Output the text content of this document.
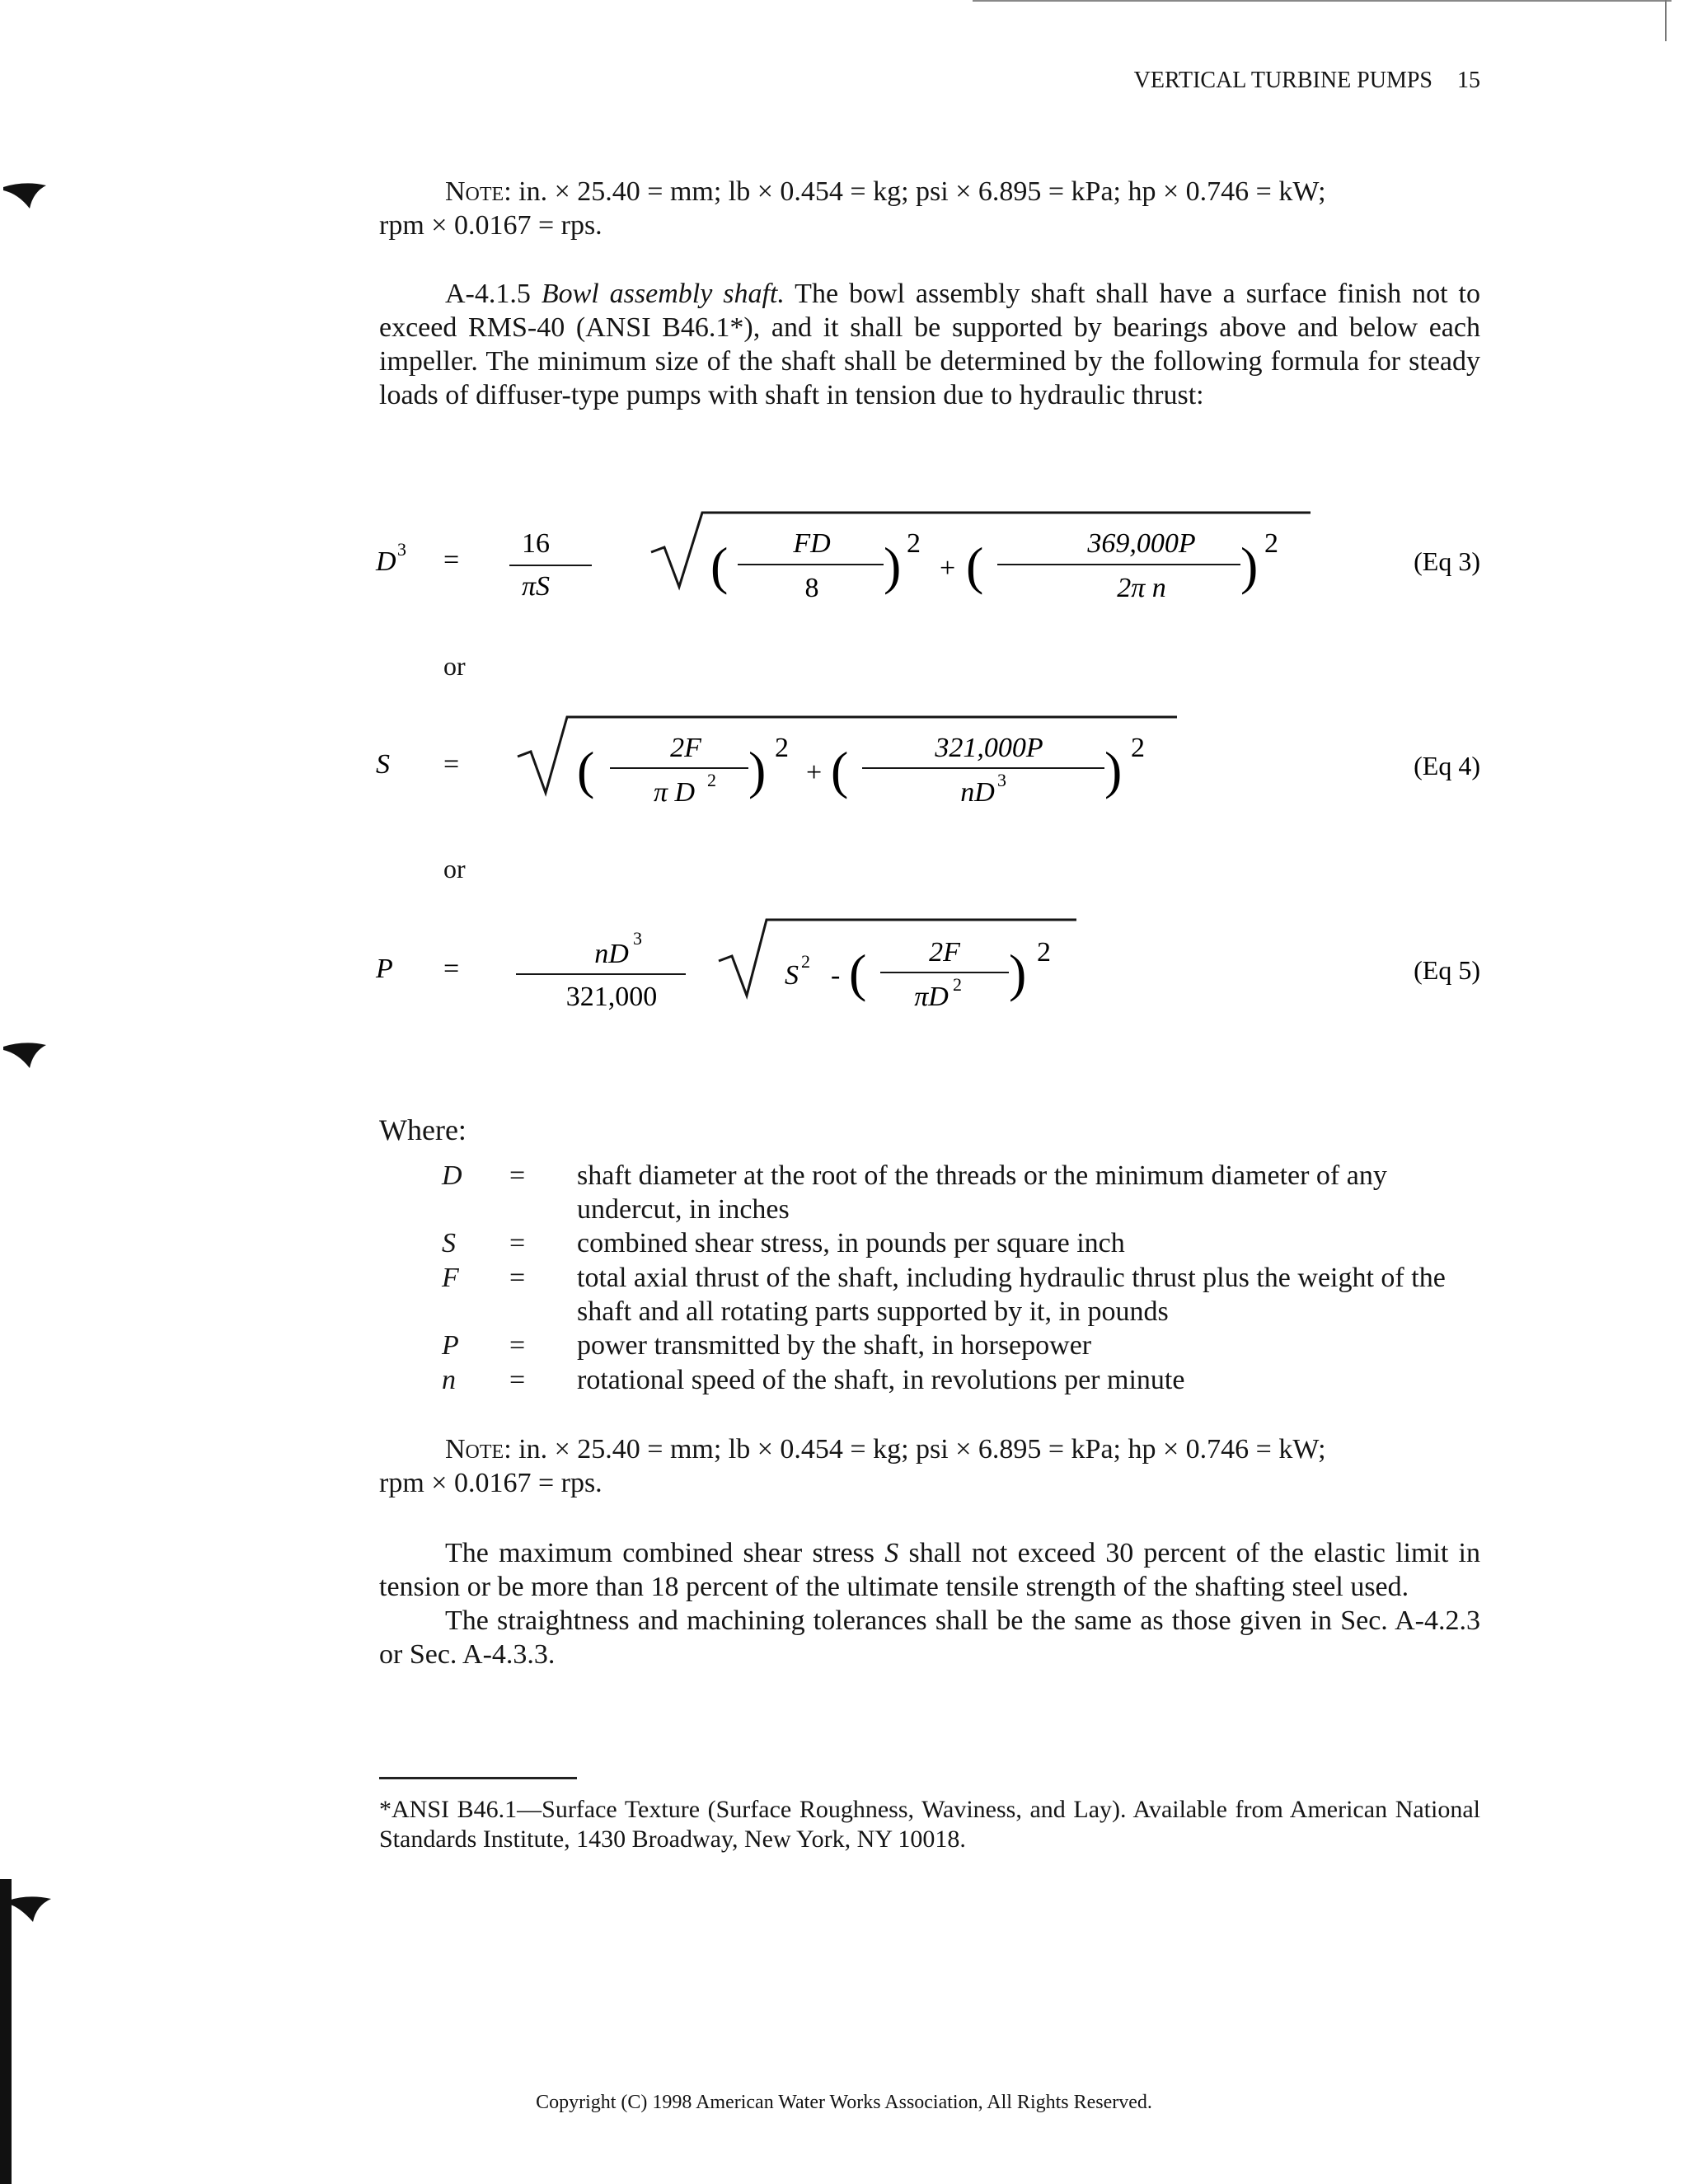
VERTICAL TURBINE PUMPS 15

Note: in. × 25.40 = mm; lb × 0.454 = kg; psi × 6.895 = kPa; hp × 0.746 = kW;

rpm × 0.0167 = rps.

A-4.1.5 Bowl assembly shaft. The bowl assembly shaft shall have a surface finish not to exceed RMS-40 (ANSI B46.1*), and it shall be supported by bearings above and below each impeller. The minimum size of the shaft shall be determined by the following formula for steady loads of diffuser-type pumps with shaft in tension due to hydraulic thrust:

D 3 =
16
πS	( FD
8 ) 2
+ (	369,000P
2π n ) 2
(Eq 3)
or
S = (	2F
π D 2 ) 2
+ (	321,000P
nD 3 ) 2
(Eq 4)
or
P =	nD
3
321,000
S 2 - ( 2F
πD 2 ) 2
(Eq 5)
Where:
D = shaft diameter at the root of the threads or the minimum diameter of any undercut, in inches
S = combined shear stress, in pounds per square inch
F = total axial thrust of the shaft, including hydraulic thrust plus the weight of the shaft and all rotating parts supported by it, in pounds
P = power transmitted by the shaft, in horsepower
n = rotational speed of the shaft, in revolutions per minute

Note: in. × 25.40 = mm; lb × 0.454 = kg; psi × 6.895 = kPa; hp × 0.746 = kW;

rpm × 0.0167 = rps.

The maximum combined shear stress S shall not exceed 30 percent of the elastic limit in tension or be more than 18 percent of the ultimate tensile strength of the shafting steel used.

The straightness and machining tolerances shall be the same as those given in Sec. A-4.2.3 or Sec. A-4.3.3.

*ANSI B46.1—Surface Texture (Surface Roughness, Waviness, and Lay). Available from American National Standards Institute, 1430 Broadway, New York, NY 10018.
Copyright (C) 1998 American Water Works Association, All Rights Reserved.
